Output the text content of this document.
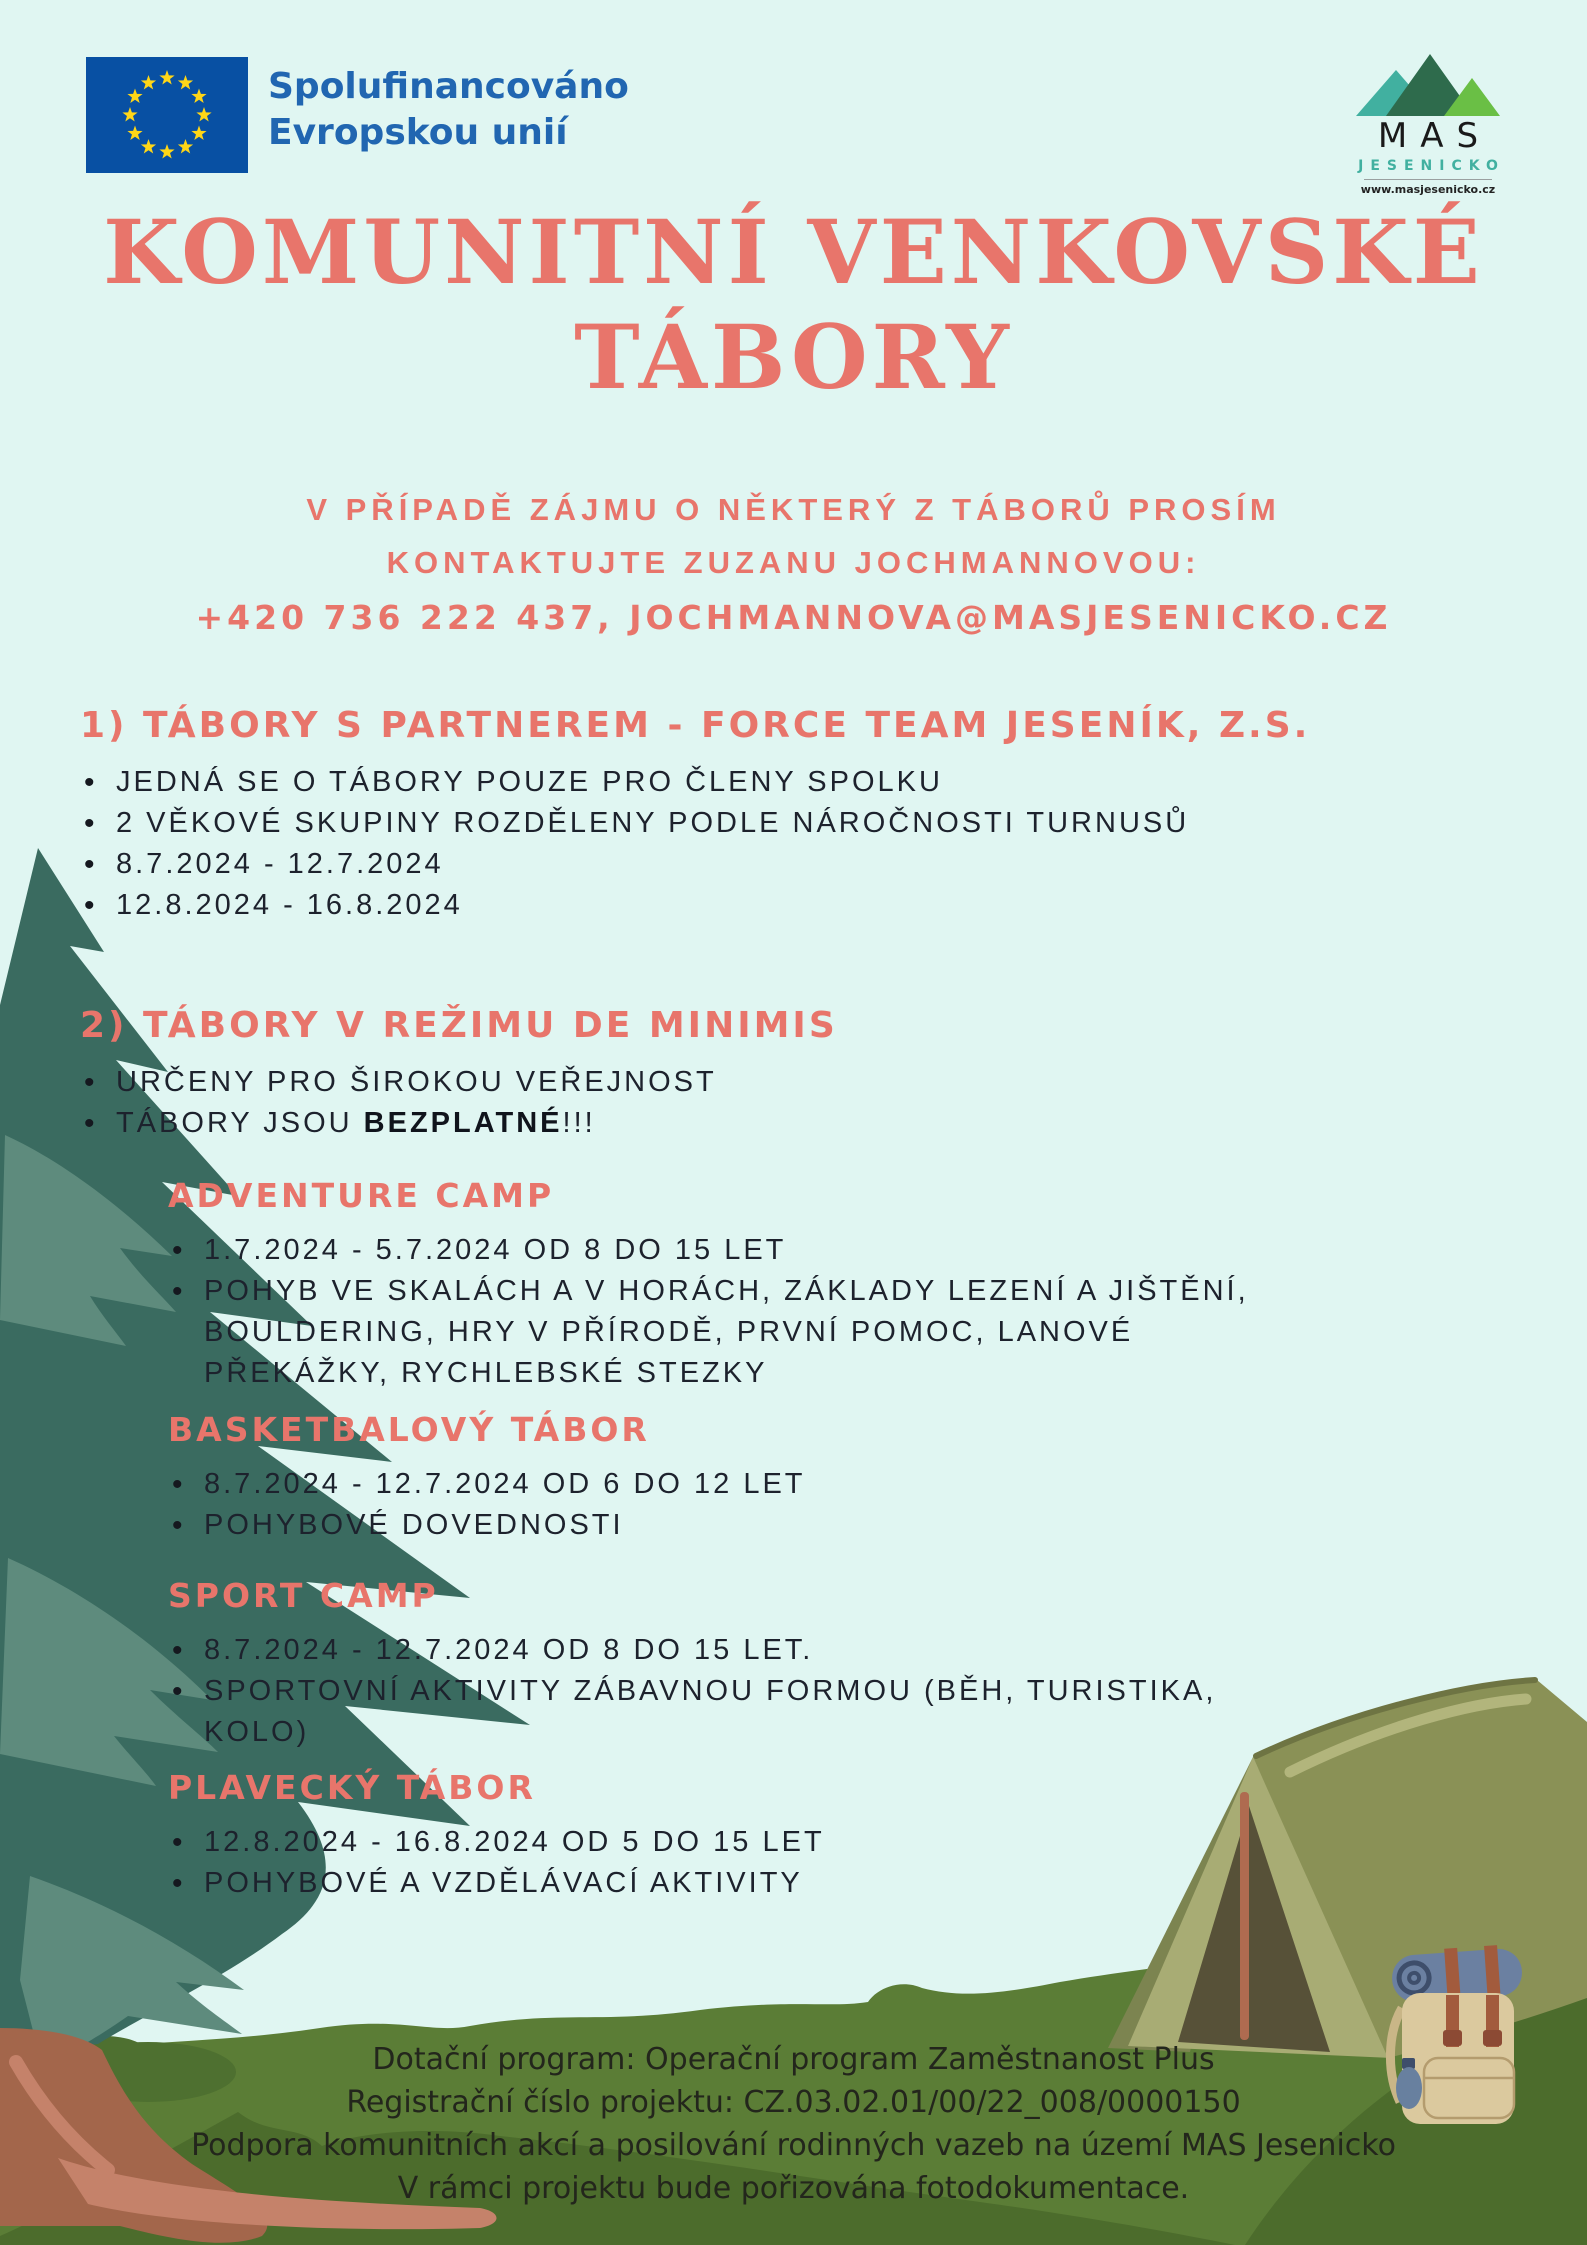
Spolufinancováno
Evropskou unií	MAS
JESENICKO
www.masjesenicko.cz
KOMUNITNÍ VENKOVSKÉ
TÁBORY

V PŘÍPADĚ ZÁJMU O NĚKTERÝ Z TÁBORŮ PROSÍM

KONTAKTUJTE ZUZANU JOCHMANNOVOU:

+420 736 222 437, JOCHMANNOVA@MASJESENICKO.CZ

1) TÁBORY S PARTNEREM - FORCE TEAM JESENÍK, Z.S.
• JEDNÁ SE O TÁBORY POUZE PRO ČLENY SPOLKU
• 2 VĚKOVÉ SKUPINY ROZDĚLENY PODLE NÁROČNOSTI TURNUSŮ
• 8.7.2024 - 12.7.2024
• 12.8.2024 - 16.8.2024
2) TÁBORY V REŽIMU DE MINIMIS
• URČENY PRO ŠIROKOU VEŘEJNOST
• TÁBORY JSOU BEZPLATNÉ!!!
ADVENTURE CAMP
• 1.7.2024 - 5.7.2024 OD 8 DO 15 LET
• POHYB VE SKALÁCH A V HORÁCH, ZÁKLADY LEZENÍ A JIŠTĚNÍ, BOULDERING, HRY V PŘÍRODĚ, PRVNÍ POMOC, LANOVÉ PŘEKÁŽKY, RYCHLEBSKÉ STEZKY
BASKETBALOVÝ TÁBOR
• 8.7.2024 - 12.7.2024 OD 6 DO 12 LET
• POHYBOVÉ DOVEDNOSTI
SPORT CAMP
• 8.7.2024 - 12.7.2024 OD 8 DO 15 LET.
• SPORTOVNÍ AKTIVITY ZÁBAVNOU FORMOU (BĚH, TURISTIKA, KOLO)
PLAVECKÝ TÁBOR
• 12.8.2024 - 16.8.2024 OD 5 DO 15 LET
• POHYBOVÉ A VZDĚLÁVACÍ AKTIVITY
Dotační program: Operační program Zaměstnanost Plus
Registrační číslo projektu: CZ.03.02.01/00/22_008/0000150
Podpora komunitních akcí a posilování rodinných vazeb na území MAS Jesenicko
V rámci projektu bude pořizována fotodokumentace.
